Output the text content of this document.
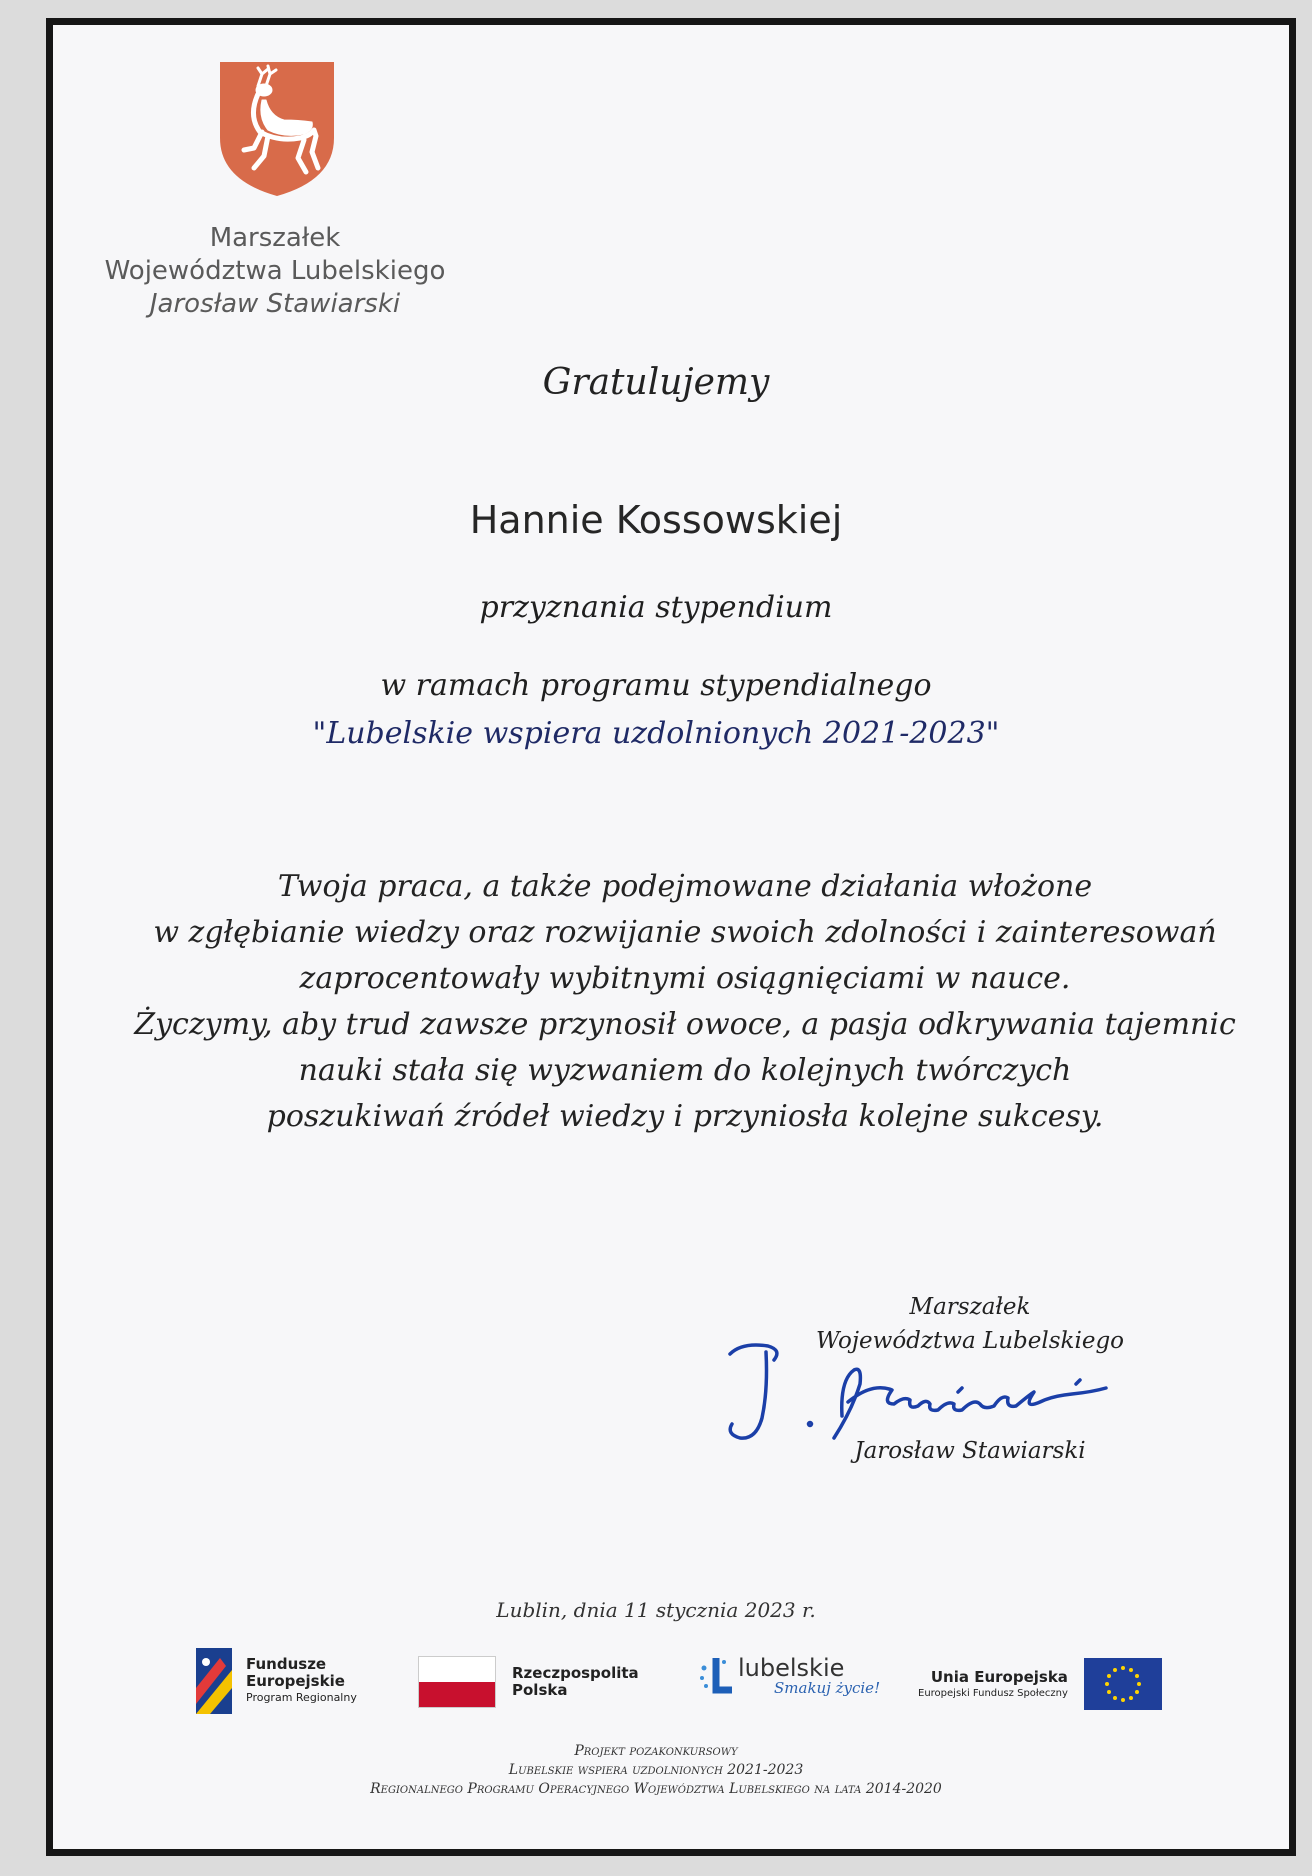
Marszałek
Województwa Lubelskiego
Jarosław Stawiarski
Gratulujemy
Hannie Kossowskiej
przyznania stypendium
w ramach programu stypendialnego
"Lubelskie wspiera uzdolnionych 2021-2023"
Twoja praca, a także podejmowane działania włożone
w zgłębianie wiedzy oraz rozwijanie swoich zdolności i zainteresowań
zaprocentowały wybitnymi osiągnięciami w nauce.
Życzymy, aby trud zawsze przynosił owoce, a pasja odkrywania tajemnic
nauki stała się wyzwaniem do kolejnych twórczych
poszukiwań źródeł wiedzy i przyniosła kolejne sukcesy.
Marszałek
Województwa Lubelskiego
Jarosław Stawiarski
Lublin, dnia 11 stycznia 2023 r.
Fundusze
Europejskie
Program Regionalny
Rzeczpospolita
Polska
lubelskie
Smakuj życie!
Unia Europejska
Europejski Fundusz Społeczny
Projekt pozakonkursowy
Lubelskie wspiera uzdolnionych 2021-2023
Regionalnego Programu Operacyjnego Województwa Lubelskiego na lata 2014-2020
